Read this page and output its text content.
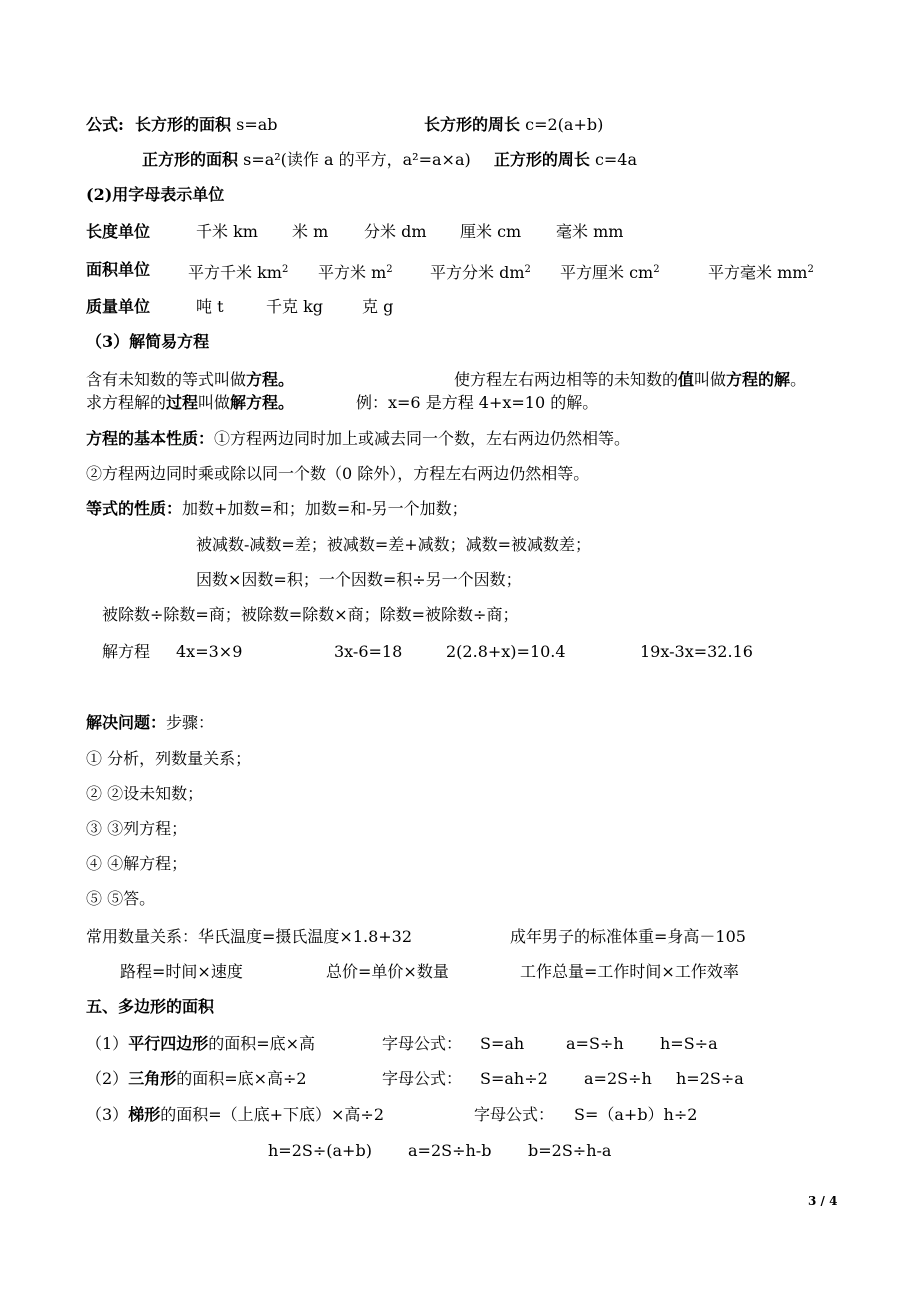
公式: 长方形的面积 s=ab	长方形的周长 c=2(a+b)
正方形的面积 s=a²(读作 a 的平方，a²=a×a) 正方形的周长 c=4a
(2)用字母表示单位
长度单位	千米 km 米 m 分米 dm 厘米 cm 毫米 mm
面积单位 平方千米 $km^2$ 平方米 $m^2$ 平方分米 $dm^2$ 平方厘米 $cm^2$	平方毫米 $mm^2$
质量单位	吨 t	千克 kg 克 g
（3）解简易方程
含有未知数的等式叫做方程。	使方程左右两边相等的未知数的值叫做方程的解。
求方程解的过程叫做解方程。	例：x=6 是方程 4+x=10 的解。
方程的基本性质：①方程两边同时加上或减去同一个数，左右两边仍然相等。
②方程两边同时乘或除以同一个数（0 除外），方程左右两边仍然相等。
等式的性质：加数+加数=和；加数=和-另一个加数；
被减数-减数=差；被减数=差+减数；减数=被减数差；
因数×因数=积；一个因数=积÷另一个因数；
被除数÷除数=商；被除数=除数×商；除数=被除数÷商；
解方程 4x=3×9	3x-6=18	2(2.8+x)=10.4	19x-3x=32.16
解决问题：步骤：
① 分析，列数量关系；
② ②设未知数；
③ ③列方程；
④ ④解方程；
⑤ ⑤答。
常用数量关系：华氏温度=摄氏温度×1.8+32	成年男子的标准体重=身高－105
路程=时间×速度	总价=单价×数量	工作总量=工作时间×工作效率
五、多边形的面积
（1）平行四边形的面积=底×高	字母公式： S=ah	a=S÷h h=S÷a
（2）三角形的面积=底×高÷2	字母公式： S=ah÷2 a=2S÷h h=2S÷a
（3）梯形的面积=（上底+下底）×高÷2	字母公式： S=（a+b）h÷2
h=2S÷(a+b) a=2S÷h-b b=2S÷h-a
3 / 4
